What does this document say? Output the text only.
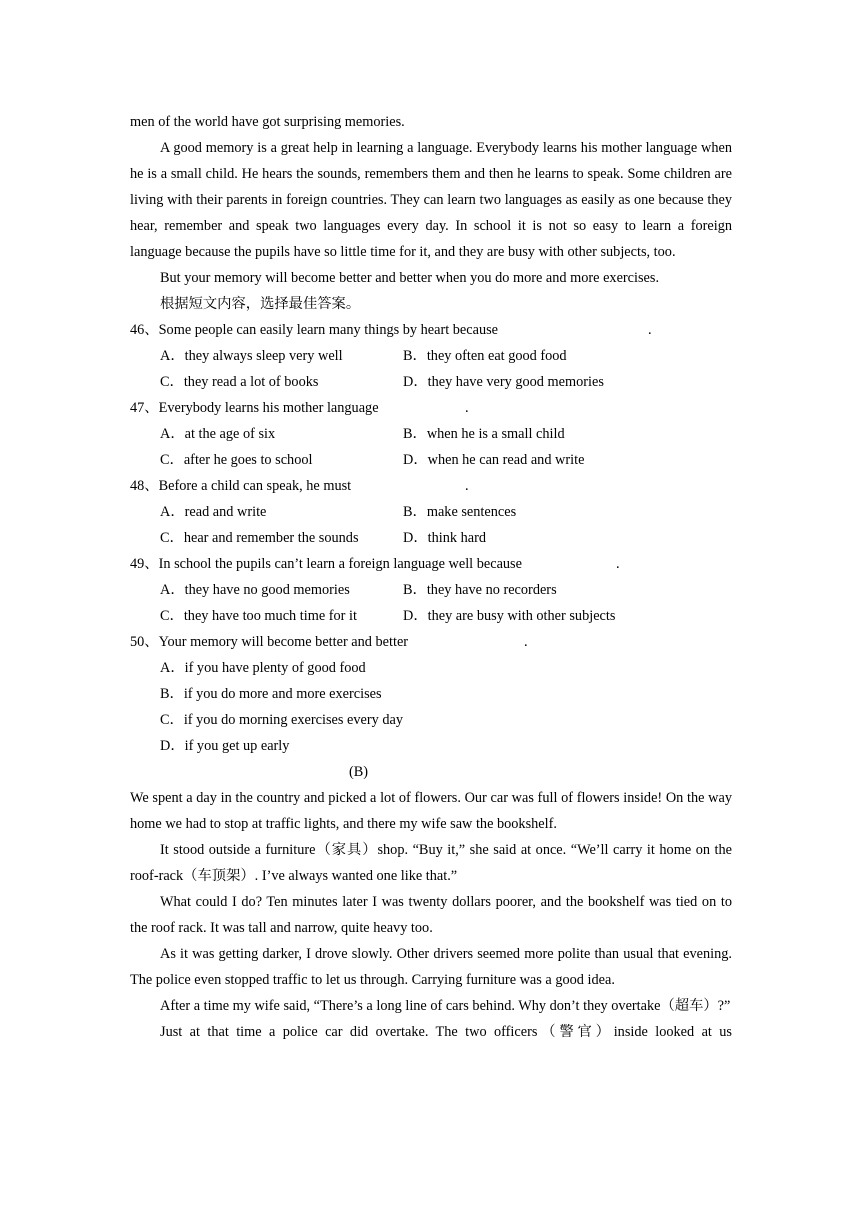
men of the world have got surprising memories.

A good memory is a great help in learning a language. Everybody learns his mother language when he is a small child. He hears the sounds, remembers them and then he learns to speak. Some children are living with their parents in foreign countries. They can learn two languages as easily as one because they hear, remember and speak two languages every day. In school it is not so easy to learn a foreign language because the pupils have so little time for it, and they are busy with other subjects, too.

But your memory will become better and better when you do more and more exercises.

根据短文内容，选择最佳答案。

46、Some people can easily learn many things by heart because	.
A．they always sleep very well	B．they often eat good food
C．they read a lot of books	D．they have very good memories
47、Everybody learns his mother language	.
A．at the age of six	B．when he is a small child
C．after he goes to school	D．when he can read and write
48、Before a child can speak, he must	.
A．read and write	B．make sentences
C．hear and remember the sounds	D．think hard
49、In school the pupils can’t learn a foreign language well because	.
A．they have no good memories	B．they have no recorders
C．they have too much time for it	D．they are busy with other subjects
50、Your memory will become better and better	.
A．if you have plenty of good food
B．if you do more and more exercises
C．if you do morning exercises every day
D．if you get up early
(B)

We spent a day in the country and picked a lot of flowers. Our car was full of flowers inside! On the way home we had to stop at traffic lights, and there my wife saw the bookshelf.

It stood outside a furniture（家具）shop. “Buy it,” she said at once. “We’ll carry it home on the roof-rack（车顶架）. I’ve always wanted one like that.”

What could I do? Ten minutes later I was twenty dollars poorer, and the bookshelf was tied on to the roof rack. It was tall and narrow, quite heavy too.

As it was getting darker, I drove slowly. Other drivers seemed more polite than usual that evening. The police even stopped traffic to let us through. Carrying furniture was a good idea.

After a time my wife said, “There’s a long line of cars behind. Why don’t they overtake（超车）?”

Just at that time a police car did overtake. The two officers（警官）inside looked at us
